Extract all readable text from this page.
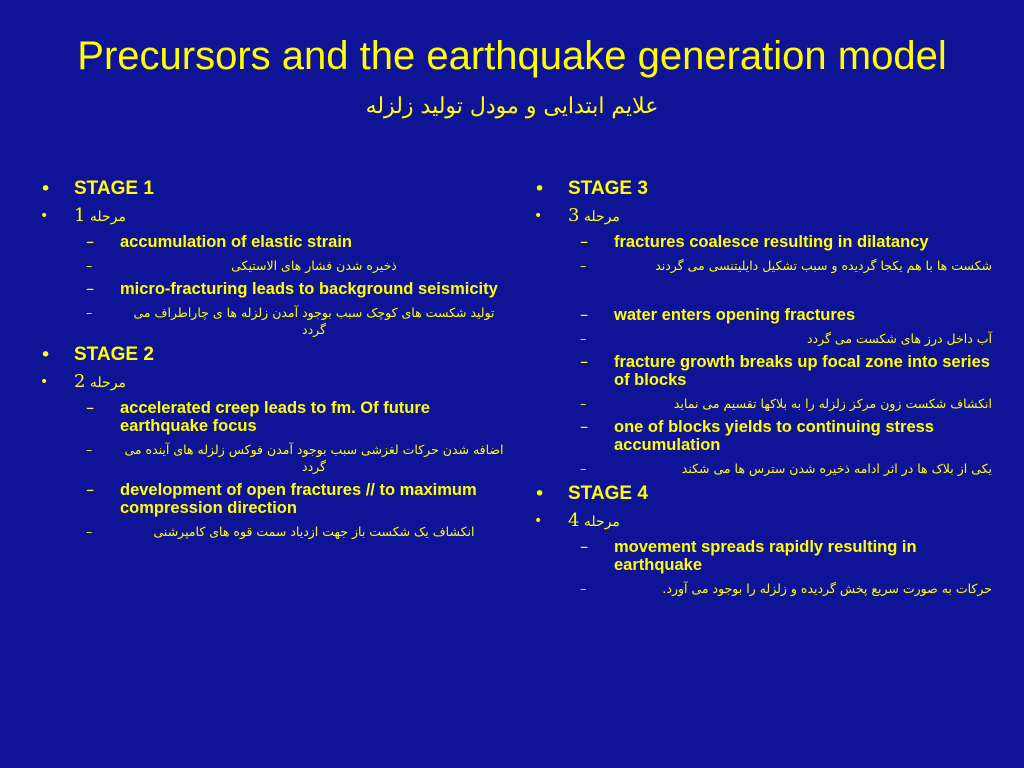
Precursors and the earthquake generation model
علایم ابتدایی و مودل تولید زلزله
• STAGE 1
•	مرحله 1
– accumulation of elastic strain
–	ذخیره شدن فشار های الاستیکی
– micro-fracturing leads to background seismicity
–	تولید شکست های کوچک سبب بوجود آمدن زلزله ها ی چاراطراف می گردد
• STAGE 2
•	مرحله 2
– accelerated creep leads to fm. Of future earthquake focus
–	اضافه شدن حرکات لغزشی سبب بوجود آمدن فوکس زلزله های آینده می گردد
– development of open fractures // to maximum compression direction
–	انکشاف یک شکست باز جهت ازدیاد سمت قوه های کامپرشنی
• STAGE 3
•	مرحله 3
– fractures coalesce resulting in dilatancy
–	شکست ها با هم یکجا گردیده و سبب تشکیل دایلیتنسی می گردند
– water enters opening fractures
–	آب داخل درز های شکست می گردد
– fracture growth breaks up focal zone into series of blocks
–	انکشاف شکست زون مرکز زلزله را به بلاکها تقسیم می نماید
– one of blocks yields to continuing stress accumulation
–	یکی از بلاک ها در اثر ادامه ذخیره شدن سترس ها می شکند
• STAGE 4
•	مرحله 4
– movement spreads rapidly resulting in earthquake
–	حرکات به صورت سریع پخش گردیده و زلزله را بوجود می آورد.
